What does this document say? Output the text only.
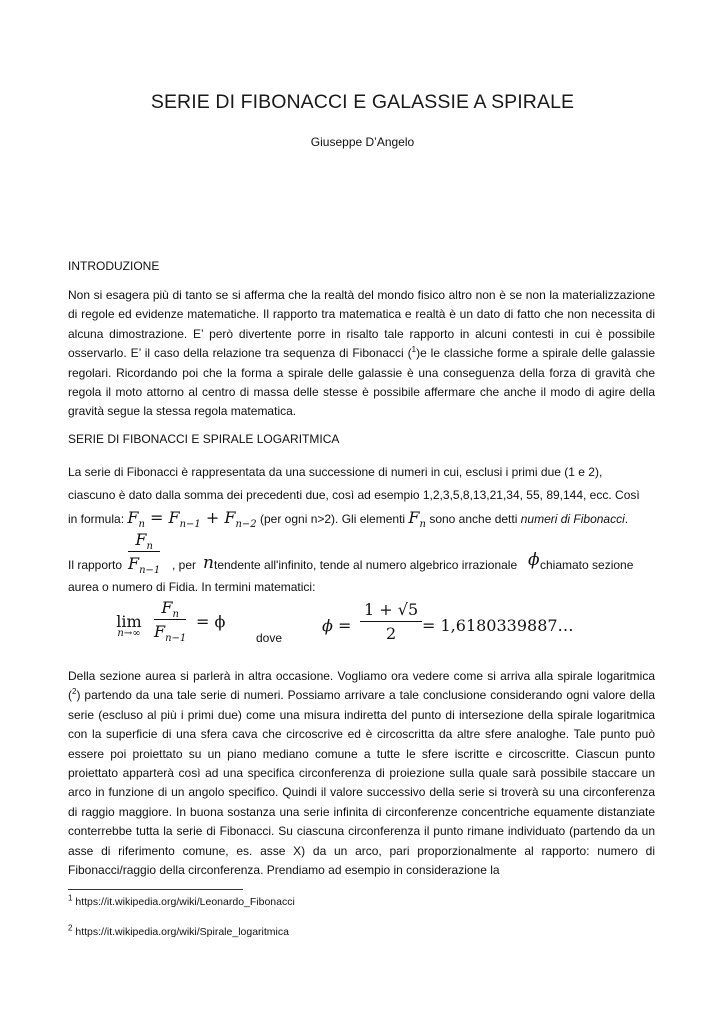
SERIE DI FIBONACCI E GALASSIE A SPIRALE
Giuseppe D’Angelo
INTRODUZIONE
Non si esagera più di tanto se si afferma che la realtà del mondo fisico altro non è se non la materializzazione di regole ed evidenze matematiche. Il rapporto tra matematica e realtà è un dato di fatto che non necessita di alcuna dimostrazione. E’ però divertente porre in risalto tale rapporto in alcuni contesti in cui è possibile osservarlo. E’ il caso della relazione tra sequenza di Fibonacci ($^1$)e le classiche forme a spirale delle galassie regolari. Ricordando poi che la forma a spirale delle galassie è una conseguenza della forza di gravità che regola il moto attorno al centro di massa delle stesse è possibile affermare che anche il modo di agire della gravità segue la stessa regola matematica.
SERIE DI FIBONACCI E SPIRALE LOGARITMICA
La serie di Fibonacci è rappresentata da una successione di numeri in cui, esclusi i primi due (1 e 2),
ciascuno è dato dalla somma dei precedenti due, così ad esempio 1,2,3,5,8,13,21,34, 55, 89,144, ecc. Così
in formula: $F_n = F_{n-1} + F_{n-2}$ (per ogni n>2). Gli elementi $F_n$ sono anche detti numeri di Fibonacci.
Il rapporto $\frac{F_n}{F_{n-1}}$ , per n tendente all'infinito, tende al numero algebrico irrazionale ϕ chiamato sezione
aurea o numero di Fidia. In termini matematici:
lim
$n\to\infty \frac{F_n}{F_{n-1}} = \phi$
dove
$\phi = \frac{1 + √5}{2}$ = 1,6180339887…
Della sezione aurea si parlerà in altra occasione. Vogliamo ora vedere come si arriva alla spirale logaritmica ($^2$) partendo da una tale serie di numeri. Possiamo arrivare a tale conclusione considerando ogni valore della serie (escluso al più i primi due) come una misura indiretta del punto di intersezione della spirale logaritmica con la superficie di una sfera cava che circoscrive ed è circoscritta da altre sfere analoghe. Tale punto può essere poi proiettato su un piano mediano comune a tutte le sfere iscritte e circoscritte. Ciascun punto proiettato apparterà così ad una specifica circonferenza di proiezione sulla quale sarà possibile staccare un arco in funzione di un angolo specifico. Quindi il valore successivo della serie si troverà su una circonferenza di raggio maggiore. In buona sostanza una serie infinita di circonferenze concentriche equamente distanziate conterrebbe tutta la serie di Fibonacci. Su ciascuna circonferenza il punto rimane individuato (partendo da un asse di riferimento comune, es. asse X) da un arco, pari proporzionalmente al rapporto: numero di Fibonacci/raggio della circonferenza. Prendiamo ad esempio in considerazione la
$^1$ https://it.wikipedia.org/wiki/Leonardo_Fibonacci
$^2$ https://it.wikipedia.org/wiki/Spirale_logaritmica
